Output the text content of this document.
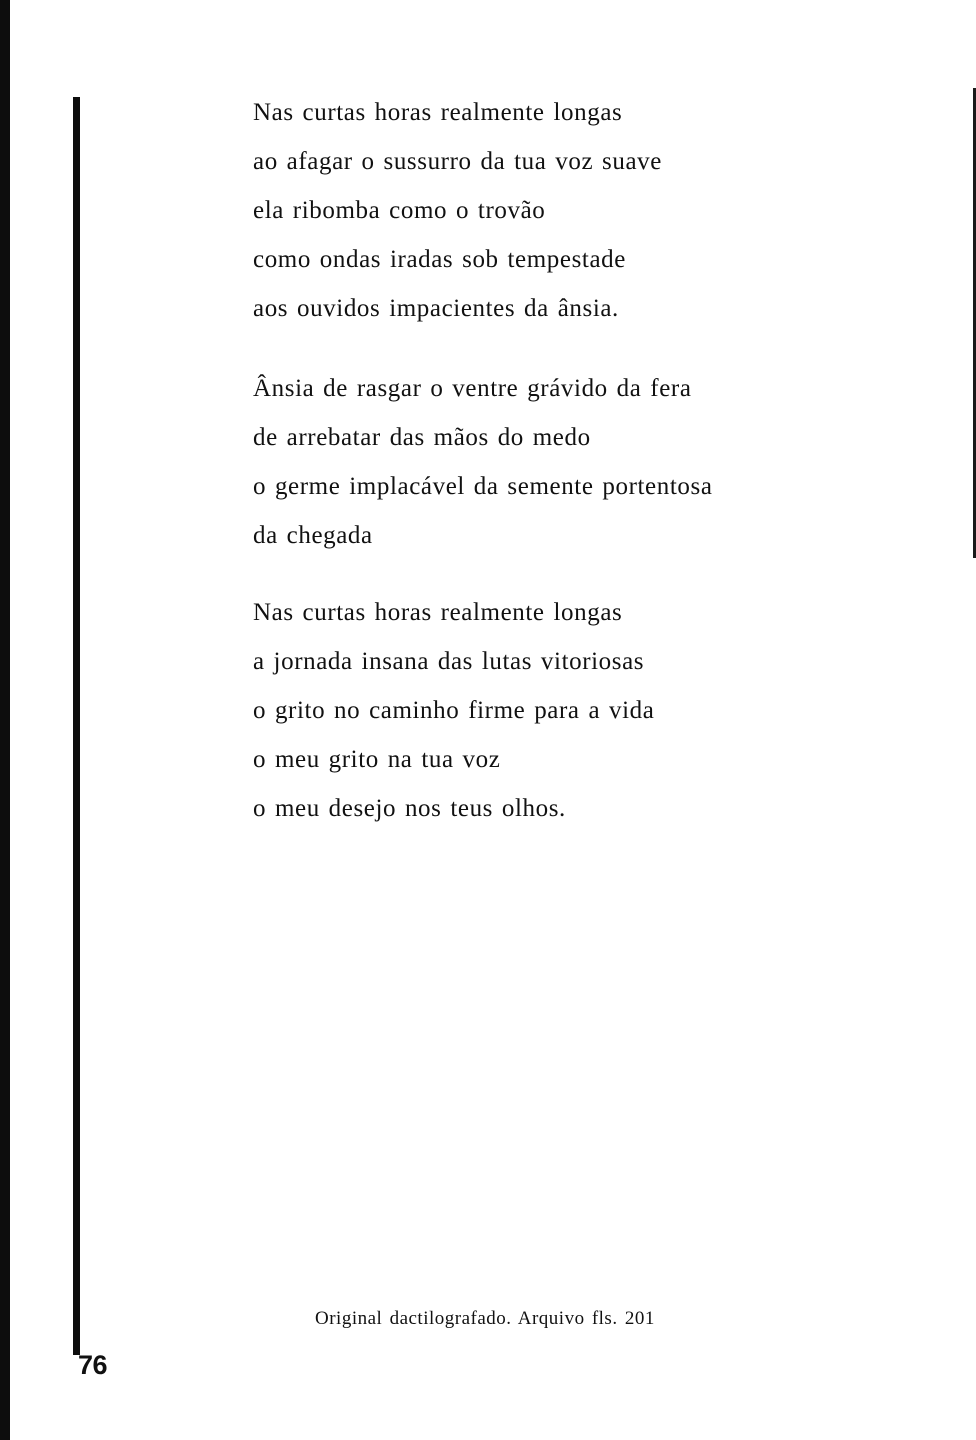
Nas curtas horas realmente longas
ao afagar o sussurro da tua voz suave
ela ribomba como o trovão
como ondas iradas sob tempestade
aos ouvidos impacientes da ânsia.
Ânsia de rasgar o ventre grávido da fera
de arrebatar das mãos do medo
o germe implacável da semente portentosa
da chegada
Nas curtas horas realmente longas
a jornada insana das lutas vitoriosas
o grito no caminho firme para a vida
o meu grito na tua voz
o meu desejo nos teus olhos.
Original dactilografado. Arquivo fls. 201
76
